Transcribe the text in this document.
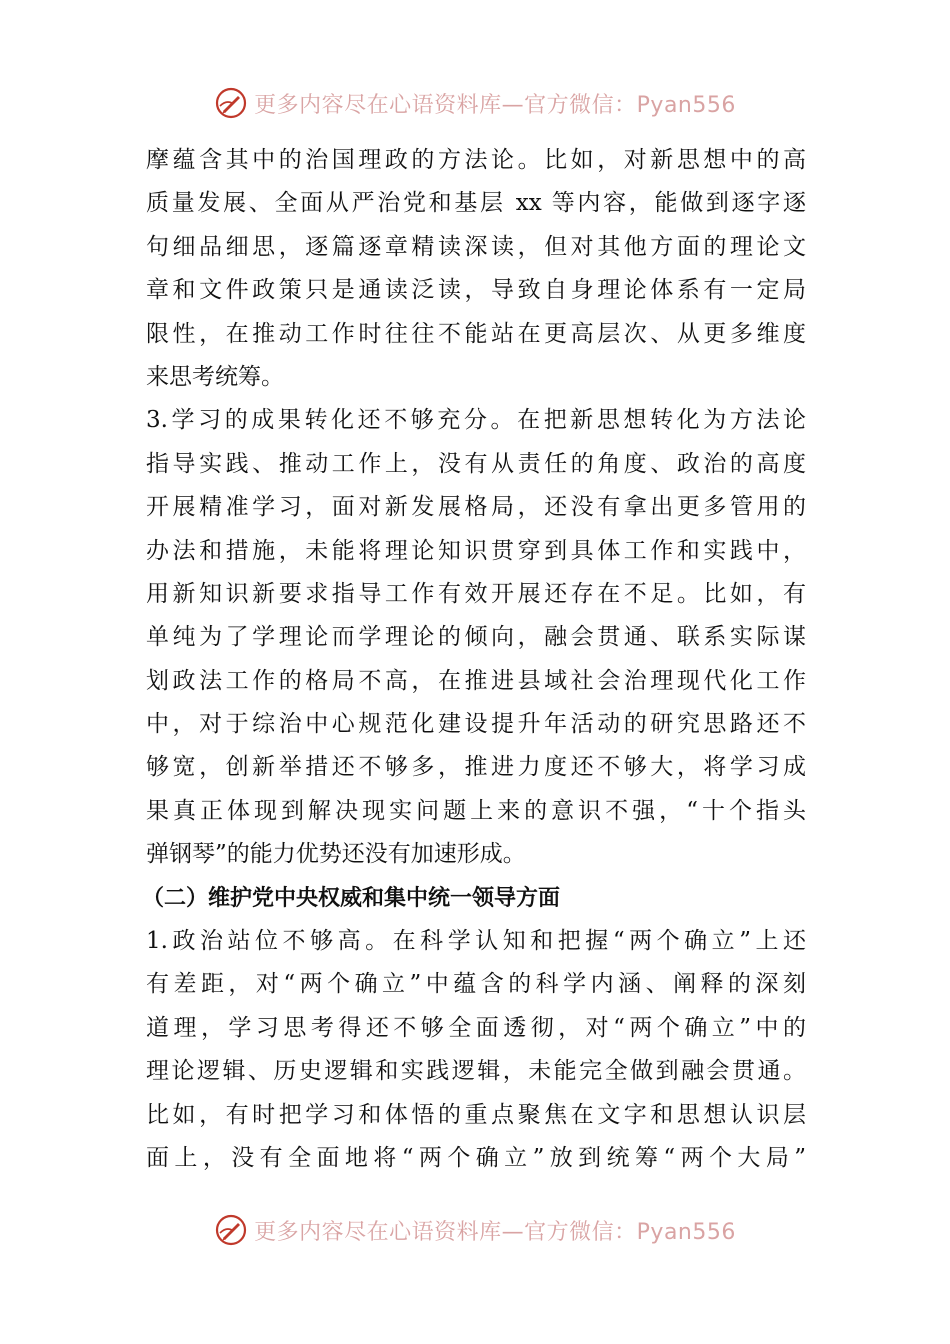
更多内容尽在心语资料库—官方微信：Pyan556
摩蕴含其中的治国理政的方法论。比如，对新思想中的高
质量发展、全面从严治党和基层 xx 等内容，能做到逐字逐
句细品细思，逐篇逐章精读深读，但对其他方面的理论文
章和文件政策只是通读泛读，导致自身理论体系有一定局
限性，在推动工作时往往不能站在更高层次、从更多维度
来思考统筹。
3.学习的成果转化还不够充分。在把新思想转化为方法论
指导实践、推动工作上，没有从责任的角度、政治的高度
开展精准学习，面对新发展格局，还没有拿出更多管用的
办法和措施，未能将理论知识贯穿到具体工作和实践中，
用新知识新要求指导工作有效开展还存在不足。比如，有
单纯为了学理论而学理论的倾向，融会贯通、联系实际谋
划政法工作的格局不高，在推进县域社会治理现代化工作
中，对于综治中心规范化建设提升年活动的研究思路还不
够宽，创新举措还不够多，推进力度还不够大，将学习成
果真正体现到解决现实问题上来的意识不强，“十个指头
弹钢琴”的能力优势还没有加速形成。
（二）维护党中央权威和集中统一领导方面
1.政治站位不够高。在科学认知和把握“两个确立”上还
有差距，对“两个确立”中蕴含的科学内涵、阐释的深刻
道理，学习思考得还不够全面透彻，对“两个确立”中的
理论逻辑、历史逻辑和实践逻辑，未能完全做到融会贯通。
比如，有时把学习和体悟的重点聚焦在文字和思想认识层
面上，没有全面地将“两个确立”放到统筹“两个大局”
更多内容尽在心语资料库—官方微信：Pyan556
